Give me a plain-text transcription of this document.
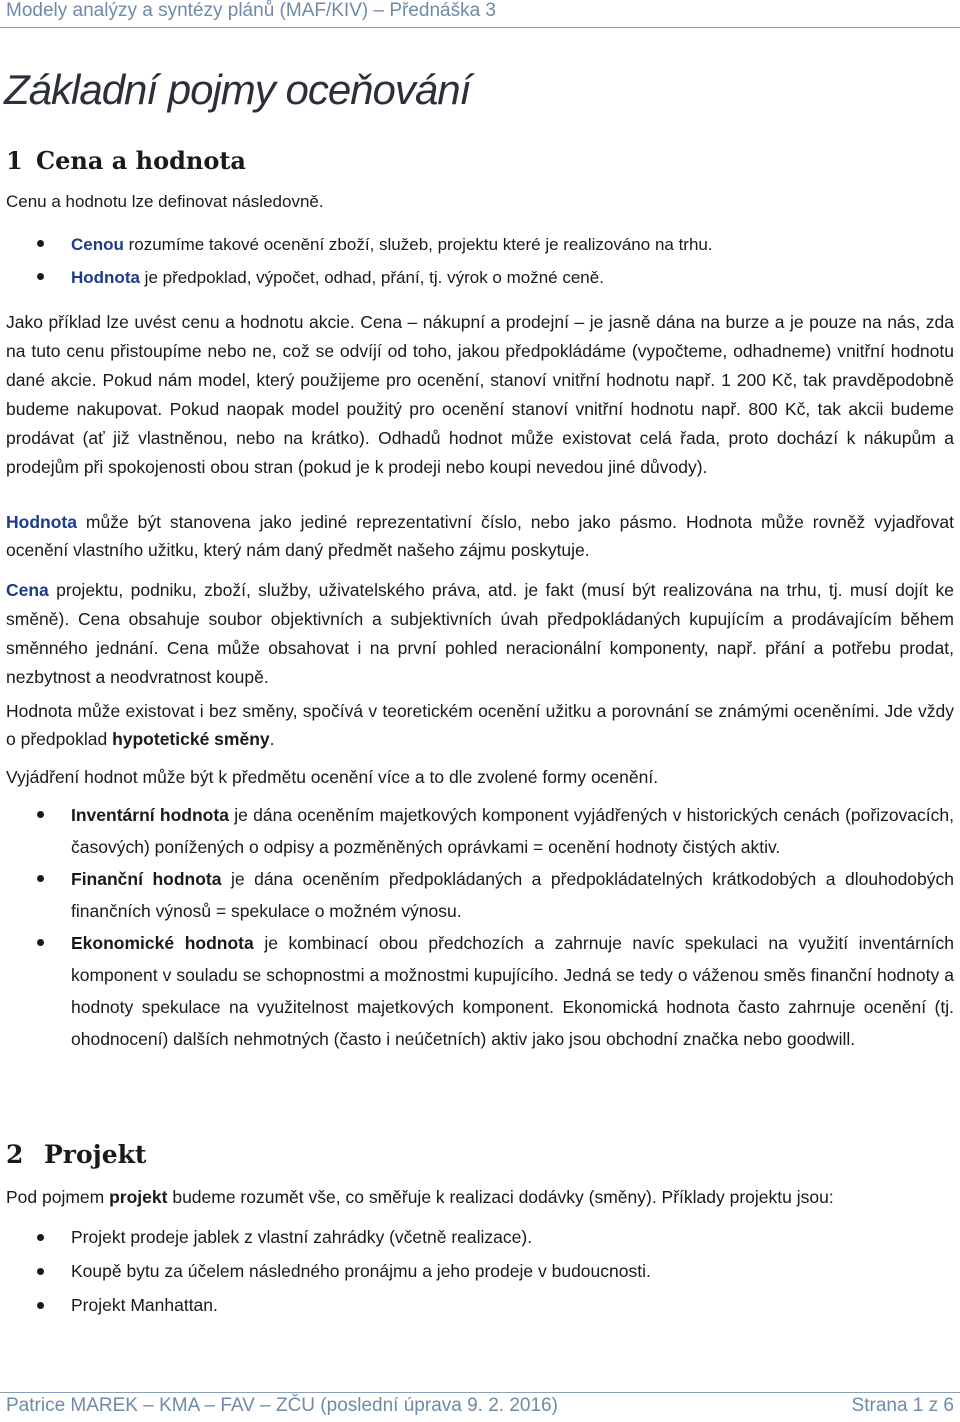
Modely analýzy a syntézy plánů (MAF/KIV) – Přednáška 3
Základní pojmy oceňování
1 Cena a hodnota

Cenu a hodnotu lze definovat následovně.

Cenou rozumíme takové ocenění zboží, služeb, projektu které je realizováno na trhu.
Hodnota je předpoklad, výpočet, odhad, přání, tj. výrok o možné ceně.

Jako příklad lze uvést cenu a hodnotu akcie. Cena – nákupní a prodejní – je jasně dána na burze a je pouze na nás, zda na tuto cenu přistoupíme nebo ne, což se odvíjí od toho, jakou předpokládáme (vypočteme, odhadneme) vnitřní hodnotu dané akcie. Pokud nám model, který použijeme pro ocenění, stanoví vnitřní hodnotu např. 1 200 Kč, tak pravděpodobně budeme nakupovat. Pokud naopak model použitý pro ocenění stanoví vnitřní hodnotu např. 800 Kč, tak akcii budeme prodávat (ať již vlastněnou, nebo na krátko). Odhadů hodnot může existovat celá řada, proto dochází k nákupům a prodejům při spokojenosti obou stran (pokud je k prodeji nebo koupi nevedou jiné důvody).

Hodnota může být stanovena jako jediné reprezentativní číslo, nebo jako pásmo. Hodnota může rovněž vyjadřovat ocenění vlastního užitku, který nám daný předmět našeho zájmu poskytuje.

Cena projektu, podniku, zboží, služby, uživatelského práva, atd. je fakt (musí být realizována na trhu, tj. musí dojít ke směně). Cena obsahuje soubor objektivních a subjektivních úvah předpokládaných kupujícím a prodávajícím během směnného jednání. Cena může obsahovat i na první pohled neracionální komponenty, např. přání a potřebu prodat, nezbytnost a neodvratnost koupě.

Hodnota může existovat i bez směny, spočívá v teoretickém ocenění užitku a porovnání se známými oceněními. Jde vždy o předpoklad hypotetické směny.

Vyjádření hodnot může být k předmětu ocenění více a to dle zvolené formy ocenění.

Inventární hodnota je dána oceněním majetkových komponent vyjádřených v historických cenách (pořizovacích, časových) ponížených o odpisy a pozměněných oprávkami = ocenění hodnoty čistých aktiv.
Finanční hodnota je dána oceněním předpokládaných a předpokládatelných krátkodobých a dlouhodobých finančních výnosů = spekulace o možném výnosu.
Ekonomické hodnota je kombinací obou předchozích a zahrnuje navíc spekulaci na využití inventárních komponent v souladu se schopnostmi a možnostmi kupujícího. Jedná se tedy o váženou směs finanční hodnoty a hodnoty spekulace na využitelnost majetkových komponent. Ekonomická hodnota často zahrnuje ocenění (tj. ohodnocení) dalších nehmotných (často i neúčetních) aktiv jako jsou obchodní značka nebo goodwill.
2 Projekt

Pod pojmem projekt budeme rozumět vše, co směřuje k realizaci dodávky (směny). Příklady projektu jsou:

Projekt prodeje jablek z vlastní zahrádky (včetně realizace).
Koupě bytu za účelem následného pronájmu a jeho prodeje v budoucnosti.
Projekt Manhattan.
Patrice MAREK – KMA – FAV – ZČU (poslední úprava 9. 2. 2016)	Strana 1 z 6
